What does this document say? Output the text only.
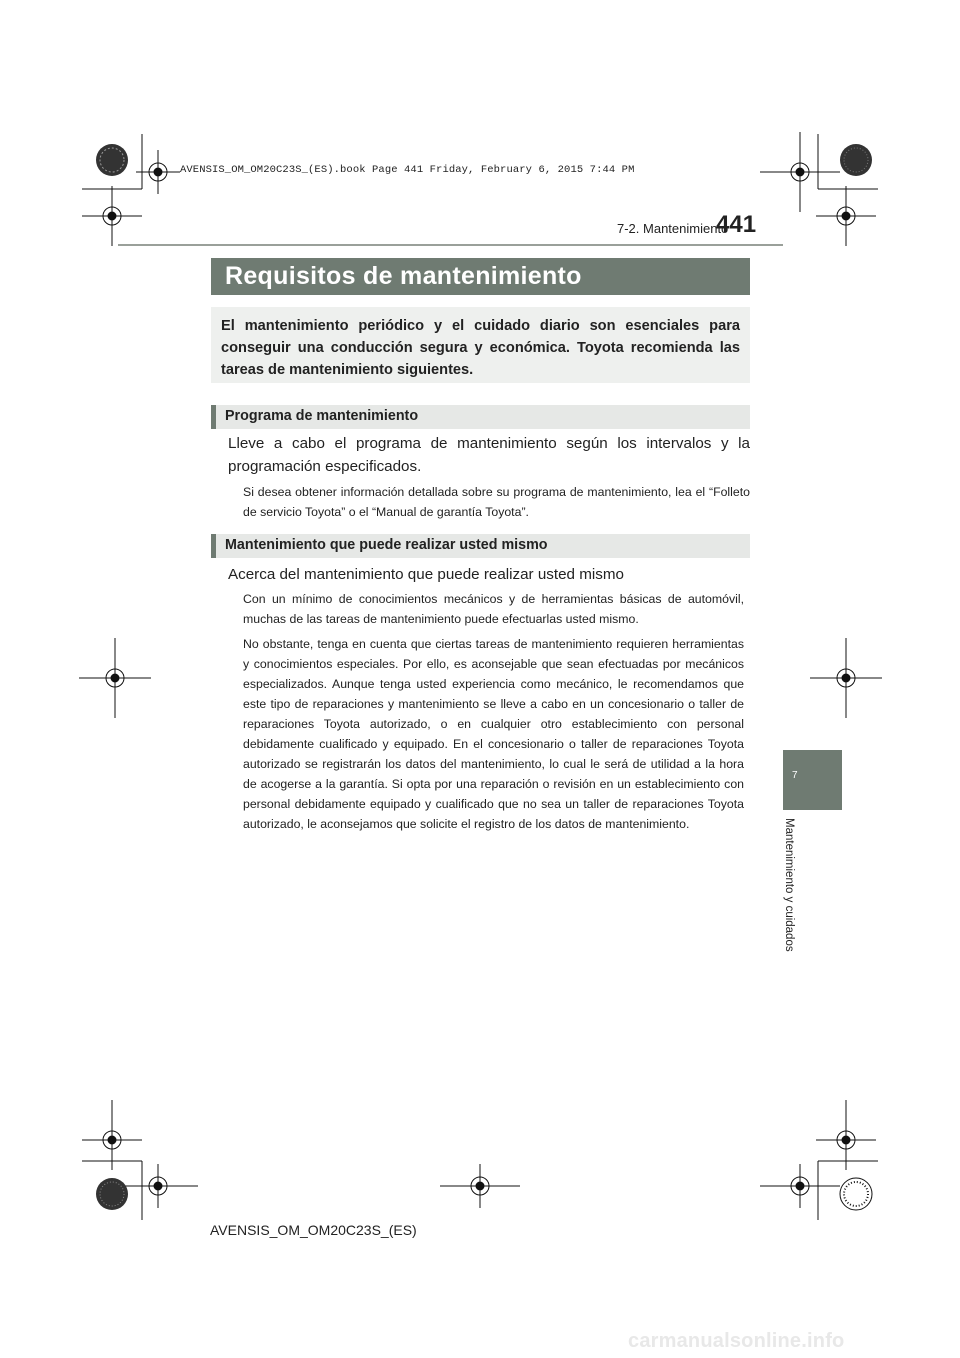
AVENSIS_OM_OM20C23S_(ES).book Page 441 Friday, February 6, 2015 7:44 PM
7-2. Mantenimiento
441
Requisitos de mantenimiento

El mantenimiento periódico y el cuidado diario son esenciales para conseguir una conducción segura y económica. Toyota recomienda las tareas de mantenimiento siguientes.

Programa de mantenimiento

Lleve a cabo el programa de mantenimiento según los intervalos y la programación especificados.

Si desea obtener información detallada sobre su programa de mantenimiento, lea el “Folleto de servicio Toyota” o el “Manual de garantía Toyota”.

Mantenimiento que puede realizar usted mismo

Acerca del mantenimiento que puede realizar usted mismo

Con un mínimo de conocimientos mecánicos y de herramientas básicas de automóvil, muchas de las tareas de mantenimiento puede efectuarlas usted mismo.

No obstante, tenga en cuenta que ciertas tareas de mantenimiento requieren herramientas y conocimientos especiales. Por ello, es aconsejable que sean efectuadas por mecánicos especializados. Aunque tenga usted experiencia como mecánico, le recomendamos que este tipo de reparaciones y mantenimiento se lleve a cabo en un concesionario o taller de reparaciones Toyota autorizado, o en cualquier otro establecimiento con personal debidamente cualificado y equipado. En el concesionario o taller de reparaciones Toyota autorizado se registrarán los datos del mantenimiento, lo cual le será de utilidad a la hora de acogerse a la garantía. Si opta por una reparación o revisión en un establecimiento con personal debidamente equipado y cualificado que no sea un taller de reparaciones Toyota autorizado, le aconsejamos que solicite el registro de los datos de mantenimiento.

7
Mantenimiento y cuidados
AVENSIS_OM_OM20C23S_(ES)
carmanualsonline.info
